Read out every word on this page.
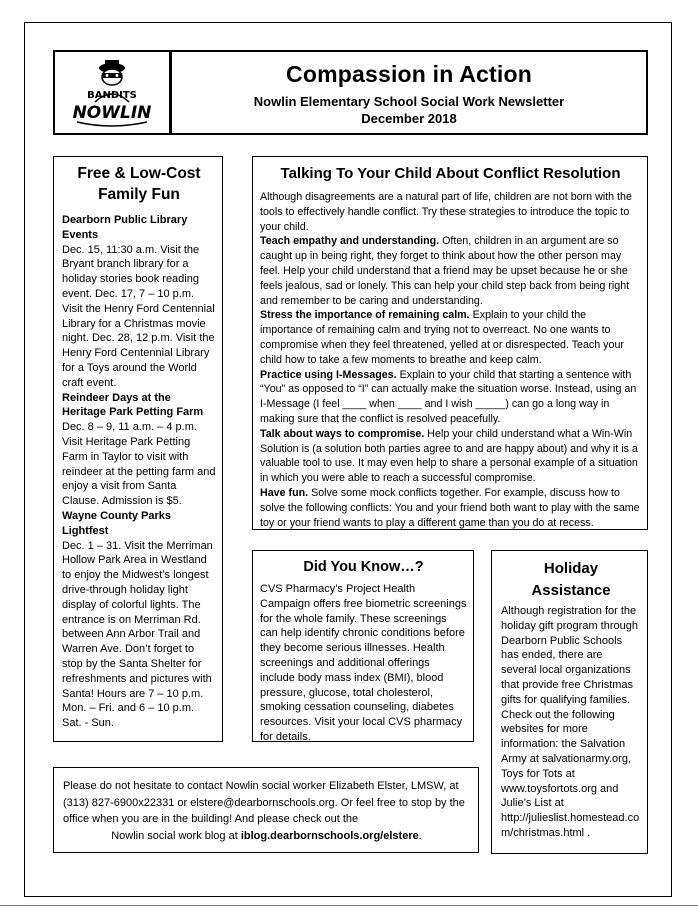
BANDITS
NOWLIN
Compassion in Action
Nowlin Elementary School Social Work Newsletter
December 2018
Free & Low-Cost
Family Fun

Dearborn Public Library Events

Dec. 15, 11:30 a.m. Visit the Bryant branch library for a holiday stories book reading event. Dec. 17, 7 – 10 p.m. Visit the Henry Ford Centennial Library for a Christmas movie night. Dec. 28, 12 p.m. Visit the Henry Ford Centennial Library for a Toys around the World craft event.

Reindeer Days at the Heritage Park Petting Farm

Dec. 8 – 9, 11 a.m. – 4 p.m. Visit Heritage Park Petting Farm in Taylor to visit with reindeer at the petting farm and enjoy a visit from Santa Clause. Admission is $5.

Wayne County Parks Lightfest

Dec. 1 – 31. Visit the Merriman Hollow Park Area in Westland to enjoy the Midwest’s longest drive-through holiday light display of colorful lights. The entrance is on Merriman Rd. between Ann Arbor Trail and Warren Ave. Don’t forget to stop by the Santa Shelter for refreshments and pictures with Santa! Hours are 7 – 10 p.m. Mon. – Fri. and 6 – 10 p.m. Sat. - Sun.

Talking To Your Child About Conflict Resolution

Although disagreements are a natural part of life, children are not born with the tools to effectively handle conflict. Try these strategies to introduce the topic to your child.

Teach empathy and understanding. Often, children in an argument are so caught up in being right, they forget to think about how the other person may feel. Help your child understand that a friend may be upset because he or she feels jealous, sad or lonely. This can help your child step back from being right and remember to be caring and understanding.

Stress the importance of remaining calm. Explain to your child the importance of remaining calm and trying not to overreact. No one wants to compromise when they feel threatened, yelled at or disrespected. Teach your child how to take a few moments to breathe and keep calm.

Practice using I-Messages. Explain to your child that starting a sentence with “You” as opposed to “I” can actually make the situation worse. Instead, using an I-Message (I feel ____ when ____ and I wish _____) can go a long way in making sure that the conflict is resolved peacefully.

Talk about ways to compromise. Help your child understand what a Win-Win Solution is (a solution both parties agree to and are happy about) and why it is a valuable tool to use. It may even help to share a personal example of a situation in which you were able to reach a successful compromise.

Have fun. Solve some mock conflicts together. For example, discuss how to solve the following conflicts: You and your friend both want to play with the same toy or your friend wants to play a different game than you do at recess.

Did You Know…?
CVS Pharmacy’s Project Health Campaign offers free biometric screenings for the whole family. These screenings can help identify chronic conditions before they become serious illnesses. Health screenings and additional offerings include body mass index (BMI), blood pressure, glucose, total cholesterol, smoking cessation counseling, diabetes resources. Visit your local CVS pharmacy for details.
Holiday
Assistance
Although registration for the holiday gift program through Dearborn Public Schools has ended, there are several local organizations that provide free Christmas gifts for qualifying families. Check out the following websites for more information: the Salvation Army at salvationarmy.org, Toys for Tots at www.toysfortots.org and Julie’s List at http://julieslist.homestead.com/christmas.html .
Please do not hesitate to contact Nowlin social worker Elizabeth Elster, LMSW, at (313) 827-6900x22331 or elstere@dearbornschools.org. Or feel free to stop by the office when you are in the building! And please check out the
Nowlin social work blog at iblog.dearbornschools.org/elstere.
